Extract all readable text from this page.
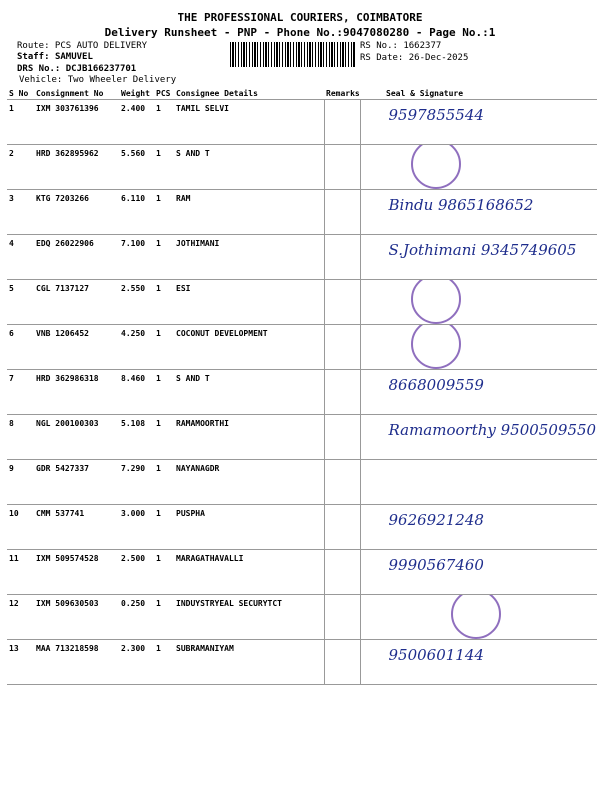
THE PROFESSIONAL COURIERS, COIMBATORE
Delivery Runsheet - PNP - Phone No.:9047080280 - Page No.:1
Route: PCS AUTO DELIVERY
Staff: SAMUVEL
DRS No.: DCJB166237701
Vehicle: Two Wheeler Delivery
RS No.: 1662377
RS Date: 26-Dec-2025
S No	Consignment No	Weight	PCS	Consignee Details	Remarks	Seal & Signature
1	IXM 303761396	2.400	1	TAMIL SELVI		9597855544

2	HRD 362895962	5.560	1	S AND T		

3	KTG 7203266	6.110	1	RAM		Bindu 9865168652

4	EDQ 26022906	7.100	1	JOTHIMANI		S.Jothimani 9345749605

5	CGL 7137127	2.550	1	ESI		

6	VNB 1206452	4.250	1	COCONUT DEVELOPMENT		

7	HRD 362986318	8.460	1	S AND T		8668009559

8	NGL 200100303	5.108	1	RAMAMOORTHI		Ramamoorthy 9500509550

9	GDR 5427337	7.290	1	NAYANAGDR		

10	CMM 537741	3.000	1	PUSPHA		9626921248

11	IXM 509574528	2.500	1	MARAGATHAVALLI		9990567460

12	IXM 509630503	0.250	1	INDUYSTRYEAL SECURYTCT		

13	MAA 713218598	2.300	1	SUBRAMANIYAM		9500601144
